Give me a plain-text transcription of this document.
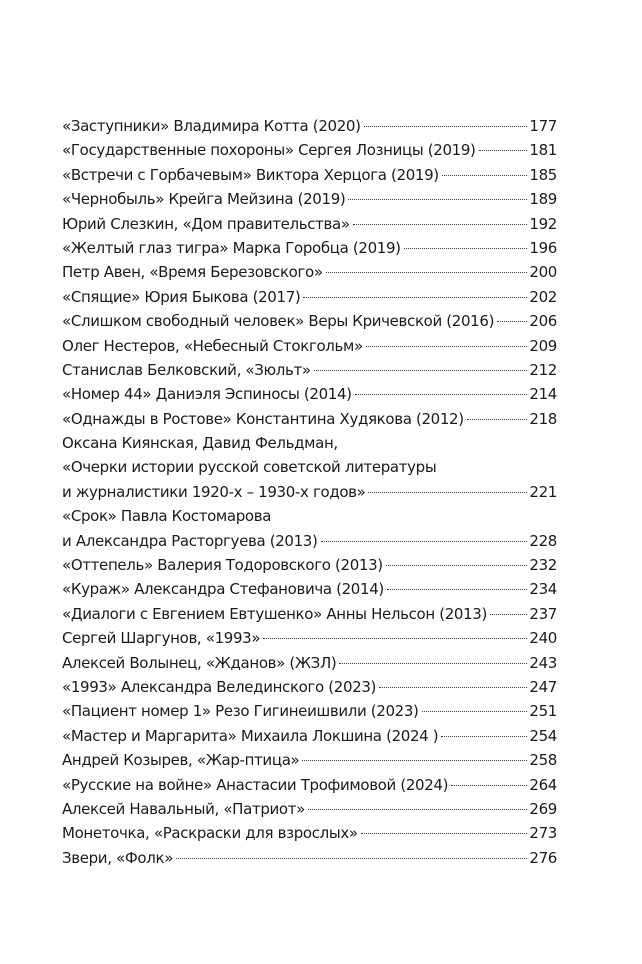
«Заступники» Владимира Котта (2020)	177
«Государственные похороны» Сергея Лозницы (2019)	181
«Встречи с Горбачевым» Виктора Херцога (2019)	185
«Чернобыль» Крейга Мейзина (2019)	189
Юрий Слезкин, «Дом правительства»	192
«Желтый глаз тигра» Марка Горобца (2019)	196
Петр Авен, «Время Березовского»	200
«Спящие» Юрия Быкова (2017)	202
«Слишком свободный человек» Веры Кричевской (2016) 206
Олег Нестеров, «Небесный Стокгольм»	209
Станислав Белковский, «Зюльт»	212
«Номер 44» Даниэля Эспиносы (2014)	214
«Однажды в Ростове» Константина Худякова (2012)	218
Оксана Киянская, Давид Фельдман,
«Очерки истории русской советской литературы
и журналистики 1920-х – 1930-х годов»	221
«Срок» Павла Костомарова
и Александра Расторгуева (2013)	228
«Оттепель» Валерия Тодоровского (2013)	232
«Кураж» Александра Стефановича (2014)	234
«Диалоги с Евгением Евтушенко» Анны Нельсон (2013)	237
Сергей Шаргунов, «1993»	240
Алексей Волынец, «Жданов» (ЖЗЛ)	243
«1993» Александра Велединского (2023)	247
«Пациент номер 1» Резо Гигинеишвили (2023)	251
«Мастер и Маргарита» Михаила Локшина (2024 )	254
Андрей Козырев, «Жар-птица»	258
«Русские на войне» Анастасии Трофимовой (2024)	264
Алексей Навальный, «Патриот»	269
Монеточка, «Раскраски для взрослых»	273
Звери, «Фолк»	276
